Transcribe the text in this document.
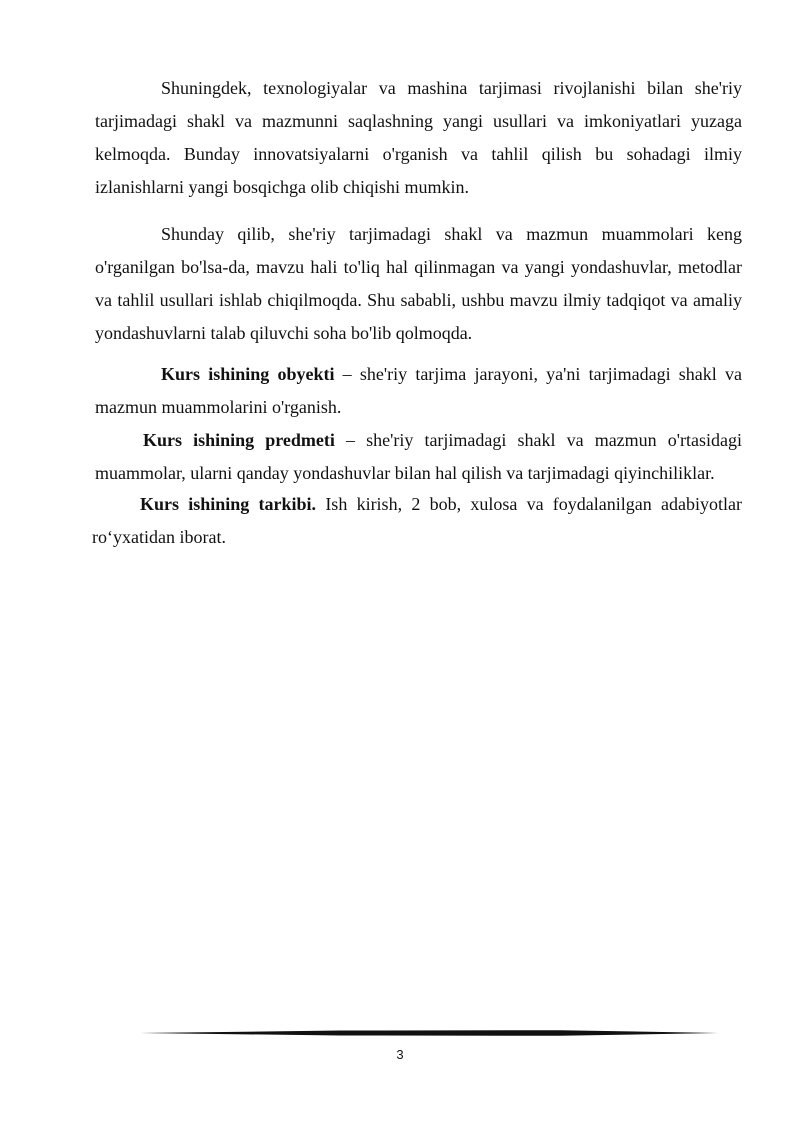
Shuningdek, texnologiyalar va mashina tarjimasi rivojlanishi bilan she'riy tarjimadagi shakl va mazmunni saqlashning yangi usullari va imkoniyatlari yuzaga kelmoqda. Bunday innovatsiyalarni o'rganish va tahlil qilish bu sohadagi ilmiy izlanishlarni yangi bosqichga olib chiqishi mumkin.

Shunday qilib, she'riy tarjimadagi shakl va mazmun muammolari keng o'rganilgan bo'lsa-da, mavzu hali to'liq hal qilinmagan va yangi yondashuvlar, metodlar va tahlil usullari ishlab chiqilmoqda. Shu sababli, ushbu mavzu ilmiy tadqiqot va amaliy yondashuvlarni talab qiluvchi soha bo'lib qolmoqda.

Kurs ishining obyekti – she'riy tarjima jarayoni, ya'ni tarjimadagi shakl va mazmun muammolarini o'rganish.

Kurs ishining predmeti – she'riy tarjimadagi shakl va mazmun o'rtasidagi muammolar, ularni qanday yondashuvlar bilan hal qilish va tarjimadagi qiyinchiliklar.

Kurs ishining tarkibi. Ish kirish, 2 bob, xulosa va foydalanilgan adabiyotlar ro‘yxatidan iborat.

3
